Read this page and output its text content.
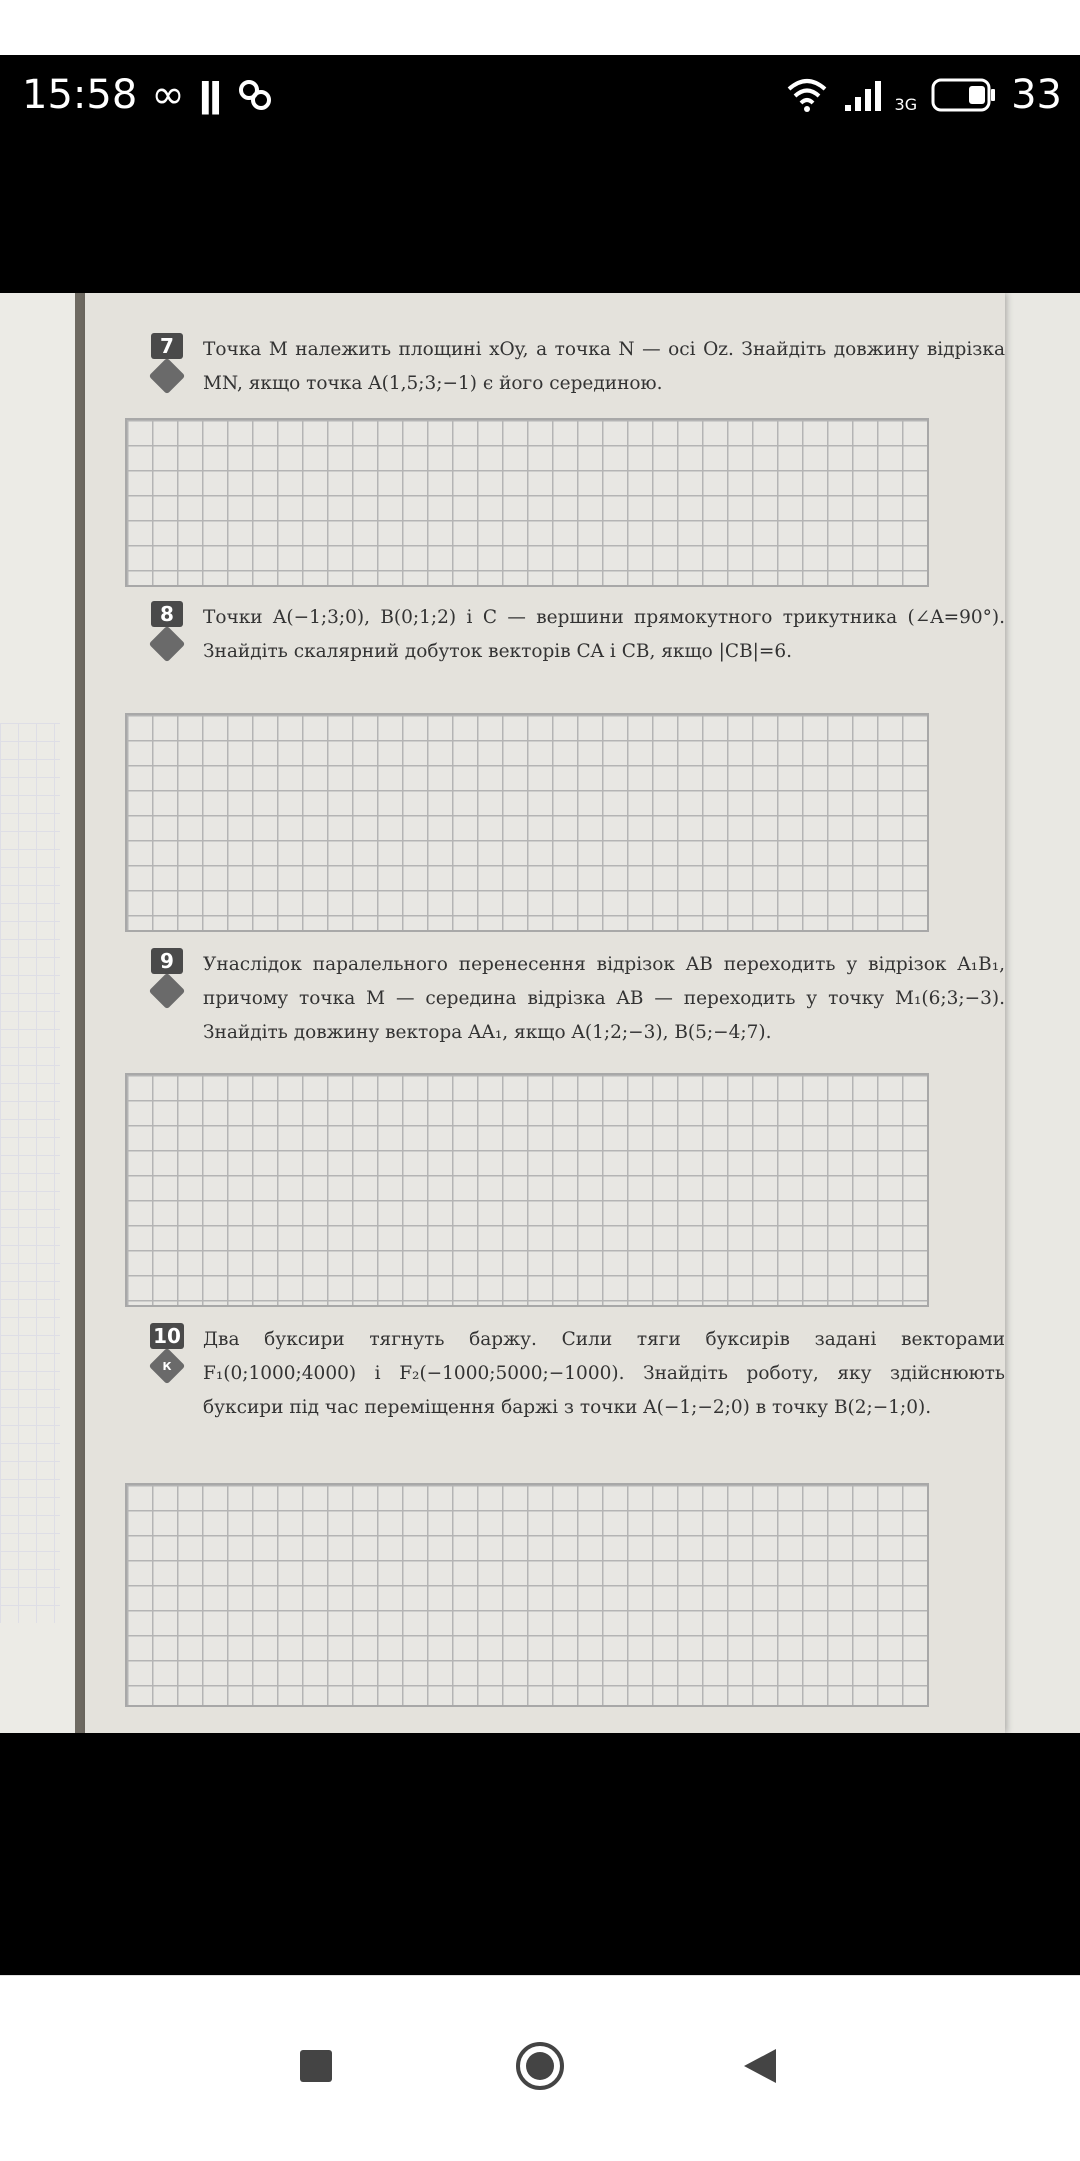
15:58 ∞ ǁ	3G 33
7	Точка M належить площині xOy, а точка N — осі Oz. Знайдіть довжину відрізка MN, якщо точка A(1,5;3;−1) є його серединою.
8	Точки A(−1;3;0), B(0;1;2) і C — вершини прямокутного трикутника (∠A=90°). Знайдіть скалярний добуток векторів CA і CB, якщо |CB|=6.
9	Унаслідок паралельного перенесення відрізок AB переходить у відрізок A₁B₁, причому точка M — середина відрізка AB — переходить у точку M₁(6;3;−3). Знайдіть довжину вектора AA₁, якщо A(1;2;−3), B(5;−4;7).
10
К
Два буксири тягнуть баржу. Сили тяги буксирів задані векторами F₁(0;1000;4000) і F₂(−1000;5000;−1000). Знайдіть роботу, яку здійснюють буксири під час переміщення баржі з точки A(−1;−2;0) в точку B(2;−1;0).
